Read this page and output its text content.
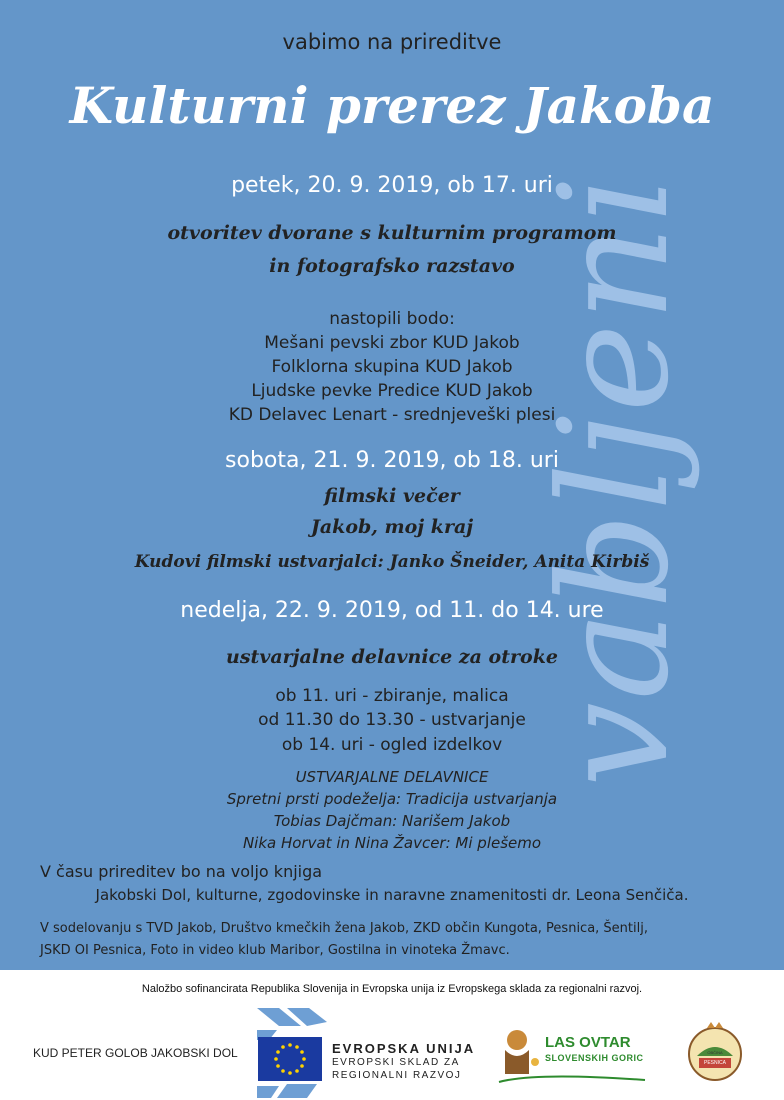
vabljeni
vabimo na prireditve
Kulturni prerez Jakoba
petek, 20. 9. 2019, ob 17. uri
otvoritev dvorane s kulturnim programom
in fotografsko razstavo
nastopili bodo:
Mešani pevski zbor KUD Jakob
Folklorna skupina KUD Jakob
Ljudske pevke Predice KUD Jakob
KD Delavec Lenart - srednjeveški plesi
sobota, 21. 9. 2019, ob 18. uri
filmski večer
Jakob, moj kraj
Kudovi filmski ustvarjalci: Janko Šneider, Anita Kirbiš
nedelja, 22. 9. 2019, od 11. do 14. ure
ustvarjalne delavnice za otroke
ob 11. uri - zbiranje, malica
od 11.30 do 13.30 - ustvarjanje
ob 14. uri - ogled izdelkov
USTVARJALNE DELAVNICE
Spretni prsti podeželja: Tradicija ustvarjanja
Tobias Dajčman: Narišem Jakob
Nika Horvat in Nina Žavcer: Mi plešemo
V času prireditev bo na voljo knjiga
Jakobski Dol, kulturne, zgodovinske in naravne znamenitosti dr. Leona Senčiča.
V sodelovanju s TVD Jakob, Društvo kmečkih žena Jakob, ZKD občin Kungota, Pesnica, Šentilj,
JSKD OI Pesnica, Foto in video klub Maribor, Gostilna in vinoteka Žmavc.
Naložbo sofinancirata Republika Slovenija in Evropska unija iz Evropskega sklada za regionalni razvoj.
KUD PETER GOLOB JAKOBSKI DOL	EVROPSKA UNIJA
EVROPSKI SKLAD ZA
REGIONALNI RAZVOJ
LAS OVTAR
SLOVENSKIH GORIC	PESNICA
OBČINA
